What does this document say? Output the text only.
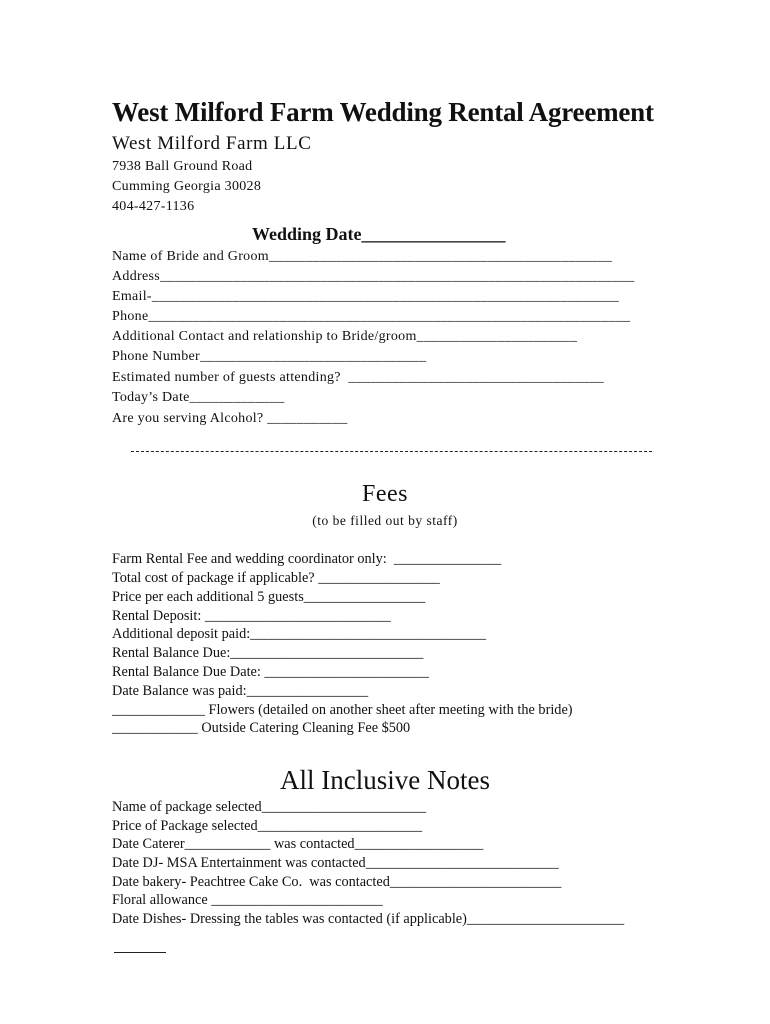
West Milford Farm Wedding Rental Agreement
West Milford Farm LLC
7938 Ball Ground Road
Cumming Georgia 30028
404-427-1136
Wedding Date________________
Name of Bride and Groom_______________________________________________
Address_________________________________________________________________
Email-________________________________________________________________
Phone__________________________________________________________________
Additional Contact and relationship to Bride/groom______________________
Phone Number_______________________________
Estimated number of guests attending?  ___________________________________
Today’s Date_____________
Are you serving Alcohol? ___________
Fees
(to be filled out by staff)
Farm Rental Fee and wedding coordinator only:  _______________
Total cost of package if applicable? _________________
Price per each additional 5 guests_________________
Rental Deposit: __________________________
Additional deposit paid:_________________________________
Rental Balance Due:___________________________
Rental Balance Due Date: _______________________
Date Balance was paid:_________________
_____________ Flowers (detailed on another sheet after meeting with the bride)
____________ Outside Catering Cleaning Fee $500
All Inclusive Notes
Name of package selected_______________________
Price of Package selected_______________________
Date Caterer____________ was contacted__________________
Date DJ- MSA Entertainment was contacted___________________________
Date bakery- Peachtree Cake Co.  was contacted________________________
Floral allowance ________________________
Date Dishes- Dressing the tables was contacted (if applicable)______________________
